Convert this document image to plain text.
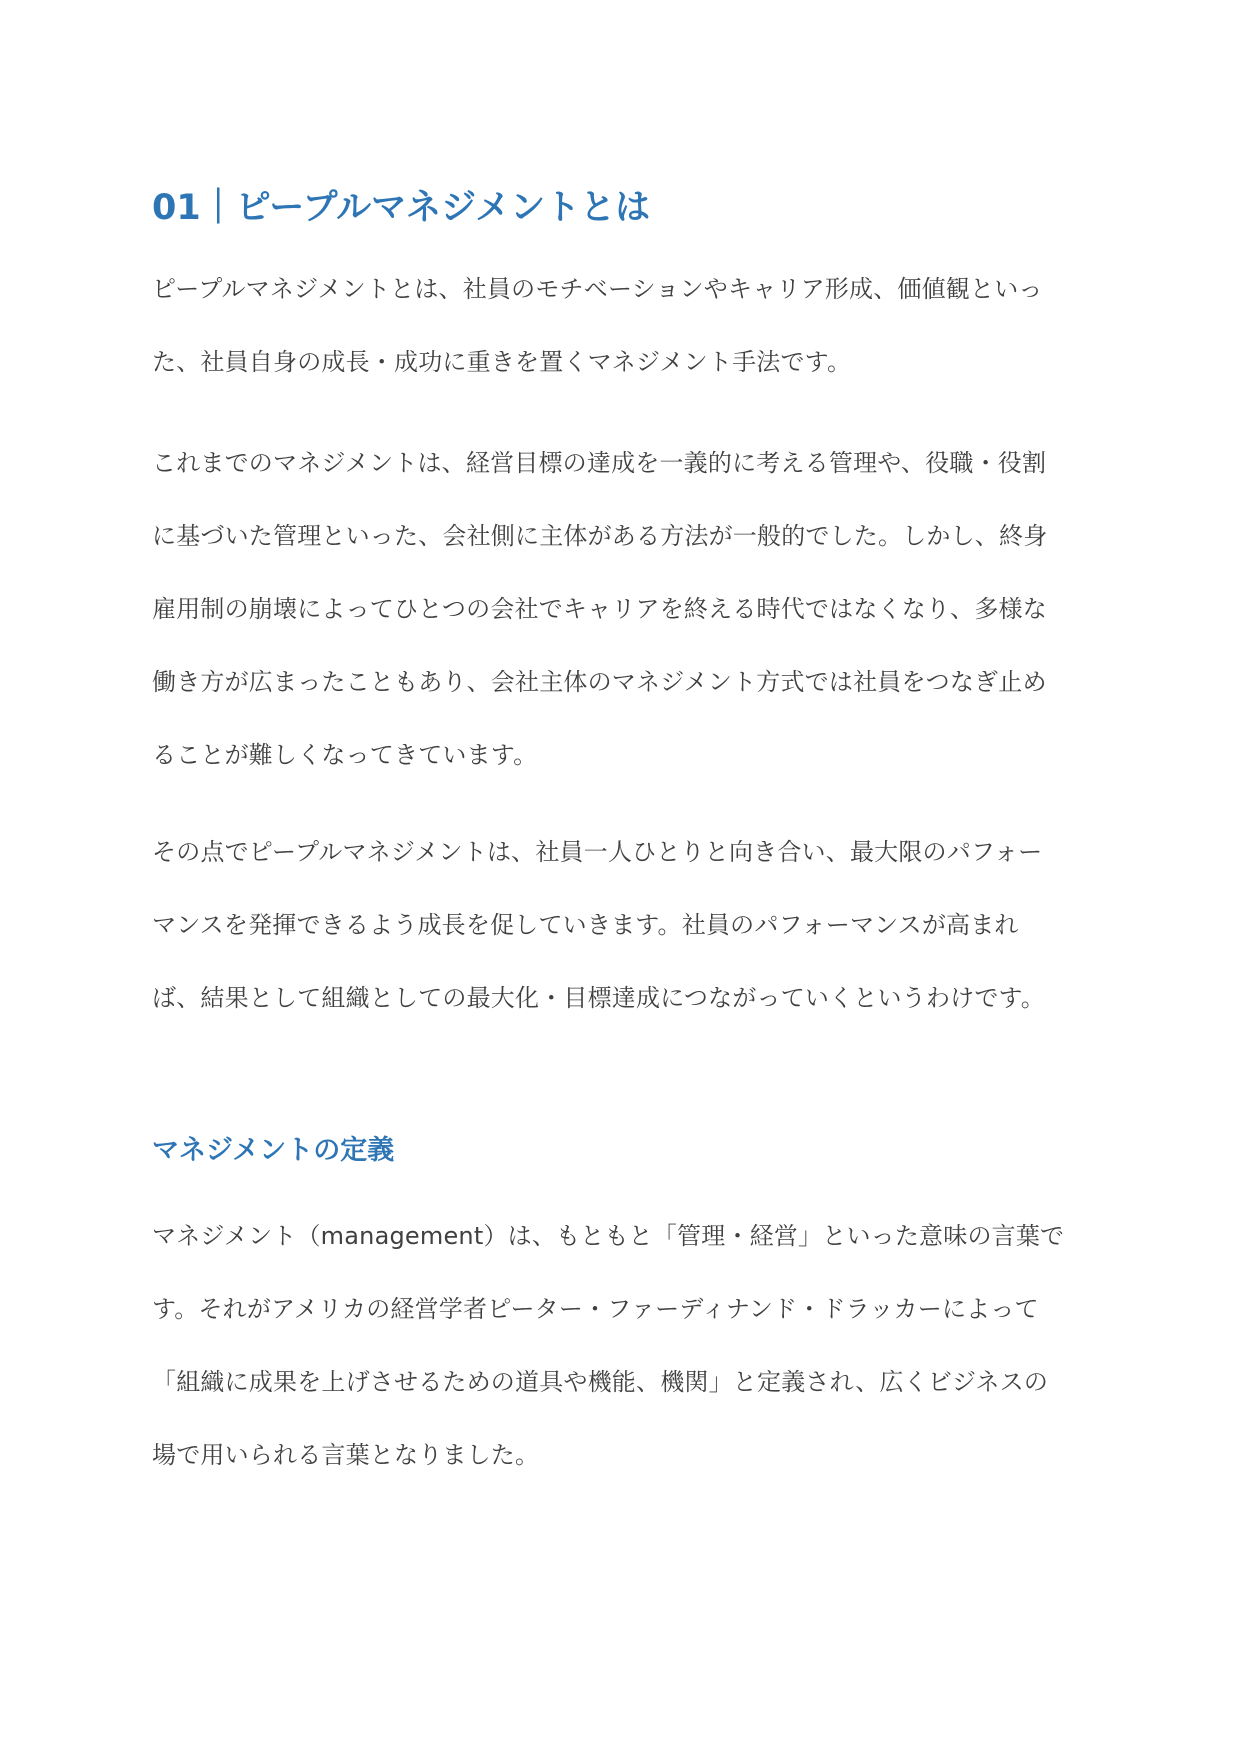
01｜ピープルマネジメントとは

ピープルマネジメントとは、社員のモチベーションやキャリア形成、価値観といっ
た、社員自身の成長・成功に重きを置くマネジメント手法です。

これまでのマネジメントは、経営目標の達成を一義的に考える管理や、役職・役割
に基づいた管理といった、会社側に主体がある方法が一般的でした。しかし、終身
雇用制の崩壊によってひとつの会社でキャリアを終える時代ではなくなり、多様な
働き方が広まったこともあり、会社主体のマネジメント方式では社員をつなぎ止め
ることが難しくなってきています。

その点でピープルマネジメントは、社員一人ひとりと向き合い、最大限のパフォー
マンスを発揮できるよう成長を促していきます。社員のパフォーマンスが高まれ
ば、結果として組織としての最大化・目標達成につながっていくというわけです。

マネジメントの定義

マネジメント（management）は、もともと「管理・経営」といった意味の言葉で
す。それがアメリカの経営学者ピーター・ファーディナンド・ドラッカーによって
「組織に成果を上げさせるための道具や機能、機関」と定義され、広くビジネスの
場で用いられる言葉となりました。
